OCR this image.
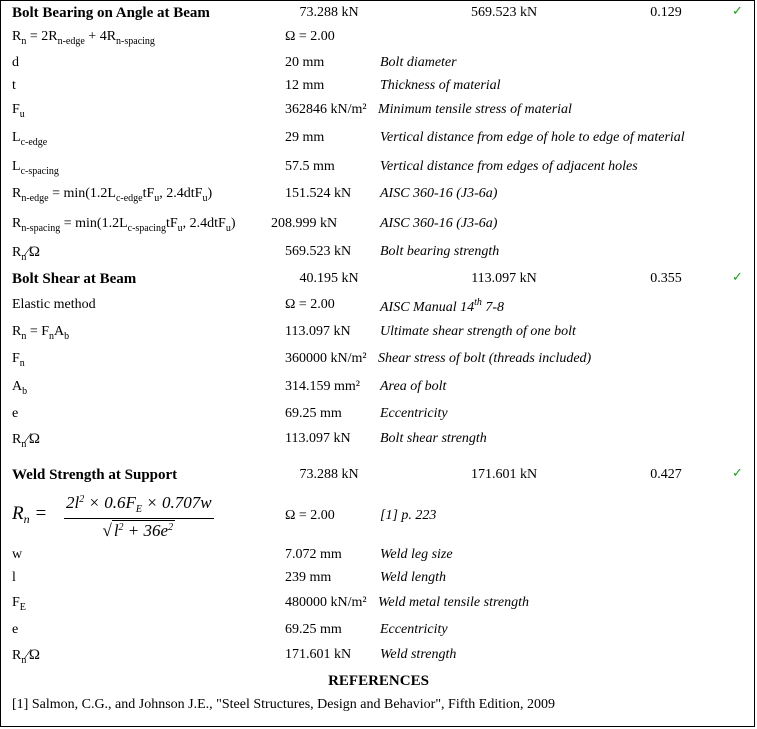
Bolt Bearing on Angle at Beam	73.288 kN	569.523 kN	0.129	✓
$R_n = 2R_{n-edge} + 4R_{n-spacing}$	Ω = 2.00
d	20 mm	Bolt diameter
t	12 mm	Thickness of material
$F_u$	362846 kN/m² Minimum tensile stress of material
$L_{c-edge}$	29 mm	Vertical distance from edge of hole to edge of material
$L_{c-spacing}$	57.5 mm	Vertical distance from edges of adjacent holes
$R_{n-edge} = \min(1.2L_{c-edge}tF_u$, 2.4dtF$_u$)	151.524 kN AISC 360-16 (J3-6a)
$R_{n-spacing} = \min(1.2L_{c-spacing}tF_u$, 2.4dtF$_u$)	208.999 kN	AISC 360-16 (J3-6a)
$R_n∕\Omega$	569.523 kN Bolt bearing strength
Bolt Shear at Beam	40.195 kN	113.097 kN	0.355	✓
Elastic method	Ω = 2.00	AISC Manual 14th 7-8
$R_n = F_nA_b$	113.097 kN Ultimate shear strength of one bolt
$F_n$	360000 kN/m² Shear stress of bolt (threads included)
$A_b$	314.159 mm² Area of bolt
e	69.25 mm	Eccentricity
$R_n∕\Omega$	113.097 kN Bolt shear strength
Weld Strength at Support	73.288 kN	171.601 kN	0.427	✓
$R_n = \frac{2l^2 \times 0.6F_E \times 0.707w}{√ l^2 + 36e^2}$	Ω = 2.00	[1] p. 223
w	7.072 mm	Weld leg size
l	239 mm	Weld length
$F_E$	480000 kN/m² Weld metal tensile strength
e	69.25 mm	Eccentricity
$R_n∕\Omega$	171.601 kN Weld strength
REFERENCES
[1] Salmon, C.G., and Johnson J.E., "Steel Structures, Design and Behavior", Fifth Edition, 2009
